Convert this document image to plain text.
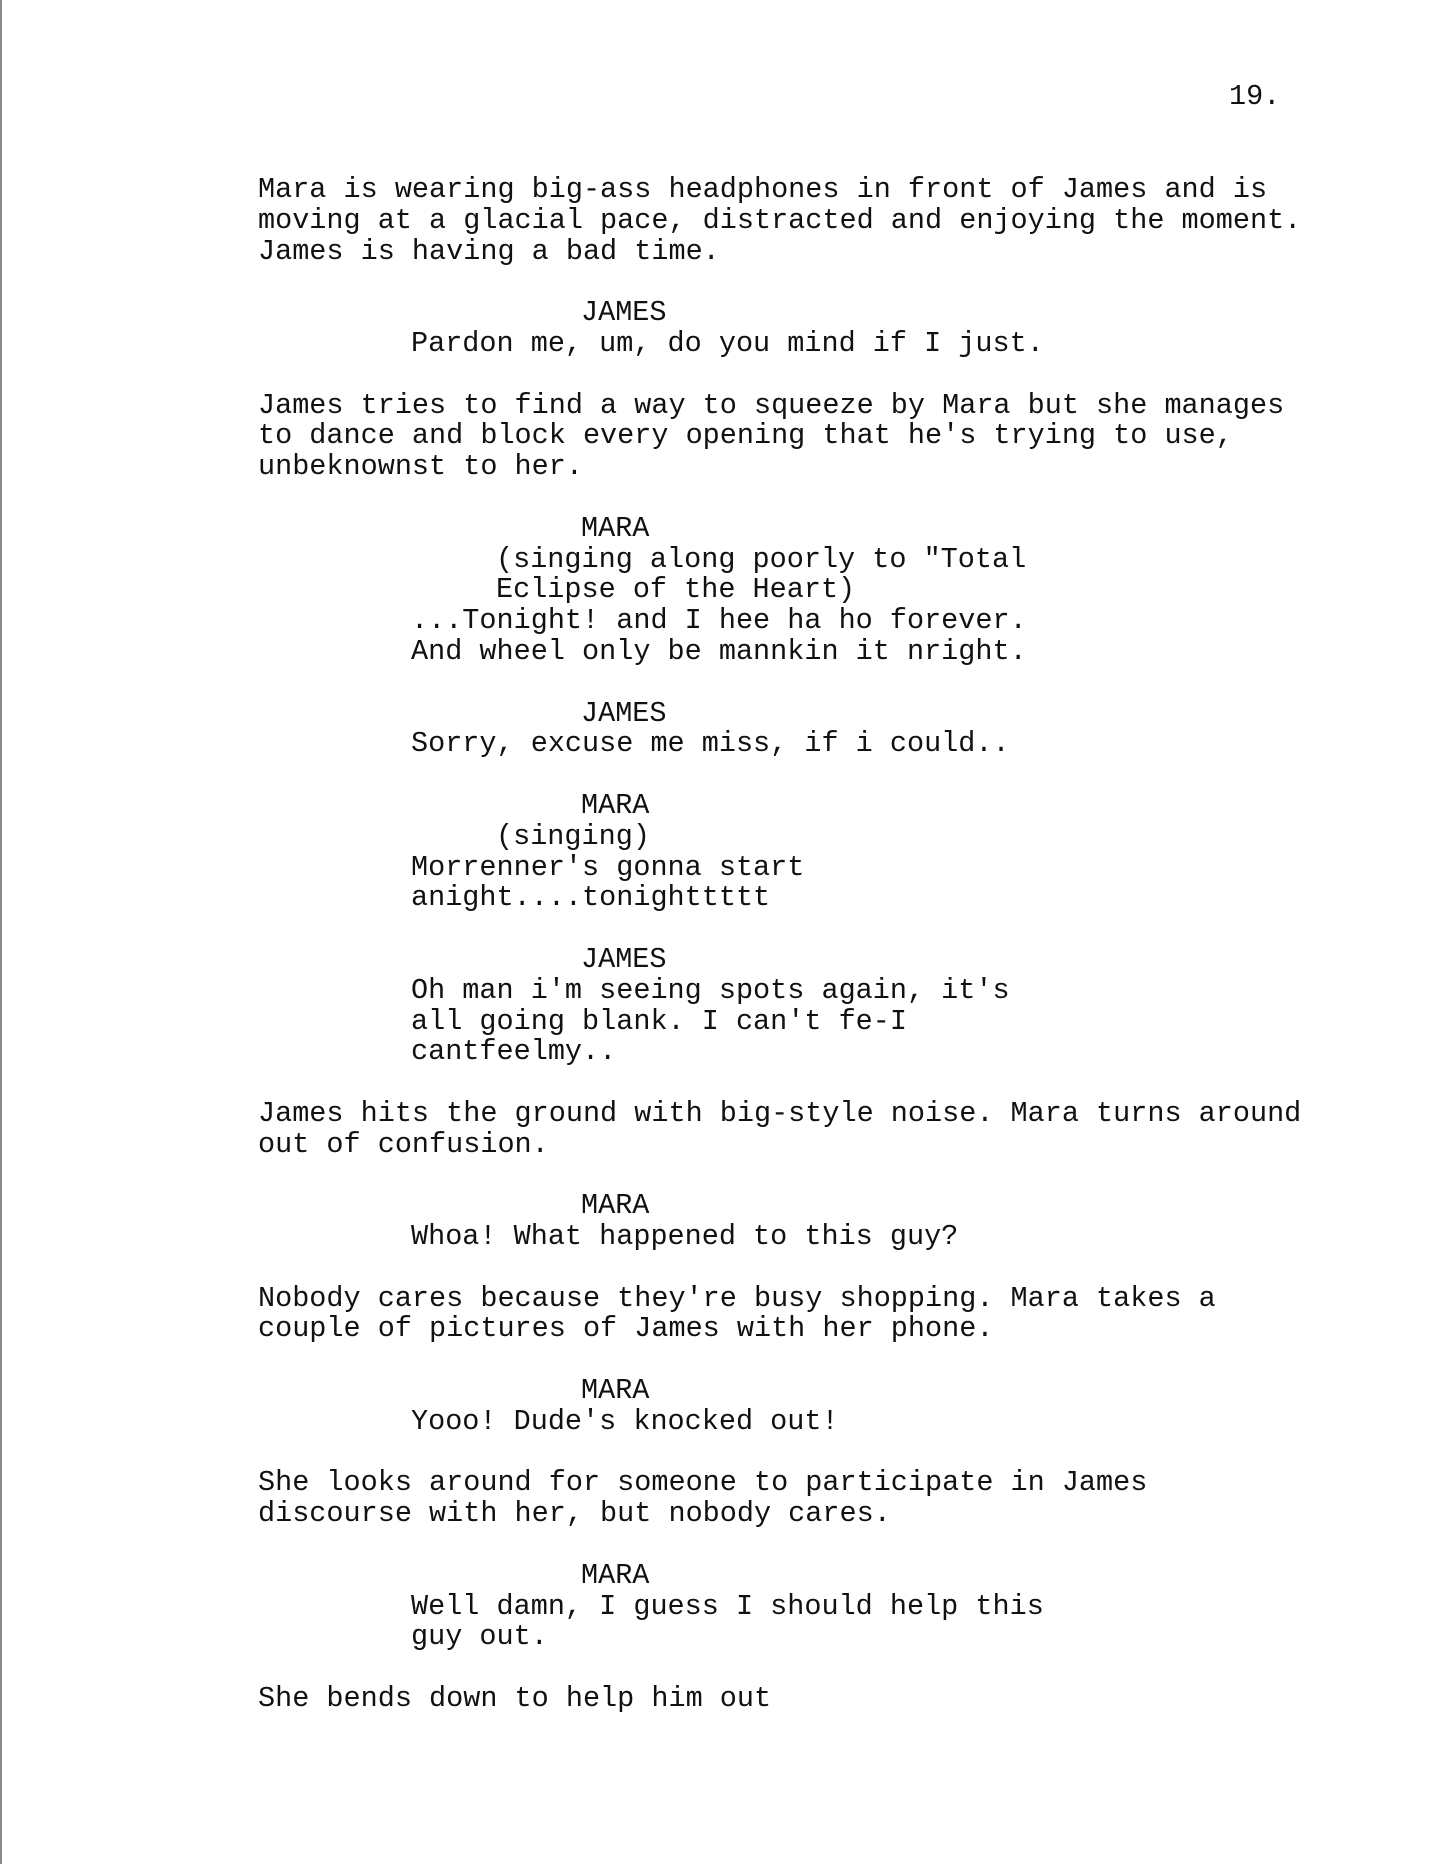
19.
Mara is wearing big-ass headphones in front of James and is
moving at a glacial pace, distracted and enjoying the moment.
James is having a bad time.
JAMES
Pardon me, um, do you mind if I just.
James tries to find a way to squeeze by Mara but she manages
to dance and block every opening that he's trying to use,
unbeknownst to her.
MARA
(singing along poorly to "Total
Eclipse of the Heart)
...Tonight! and I hee ha ho forever.
And wheel only be mannkin it nright.
JAMES
Sorry, excuse me miss, if i could..
MARA
(singing)
Morrenner's gonna start
anight....tonighttttt
JAMES
Oh man i'm seeing spots again, it's
all going blank. I can't fe-I
cantfeelmy..
James hits the ground with big-style noise. Mara turns around
out of confusion.
MARA
Whoa! What happened to this guy?
Nobody cares because they're busy shopping. Mara takes a
couple of pictures of James with her phone.
MARA
Yooo! Dude's knocked out!
She looks around for someone to participate in James
discourse with her, but nobody cares.
MARA
Well damn, I guess I should help this
guy out.
She bends down to help him out
